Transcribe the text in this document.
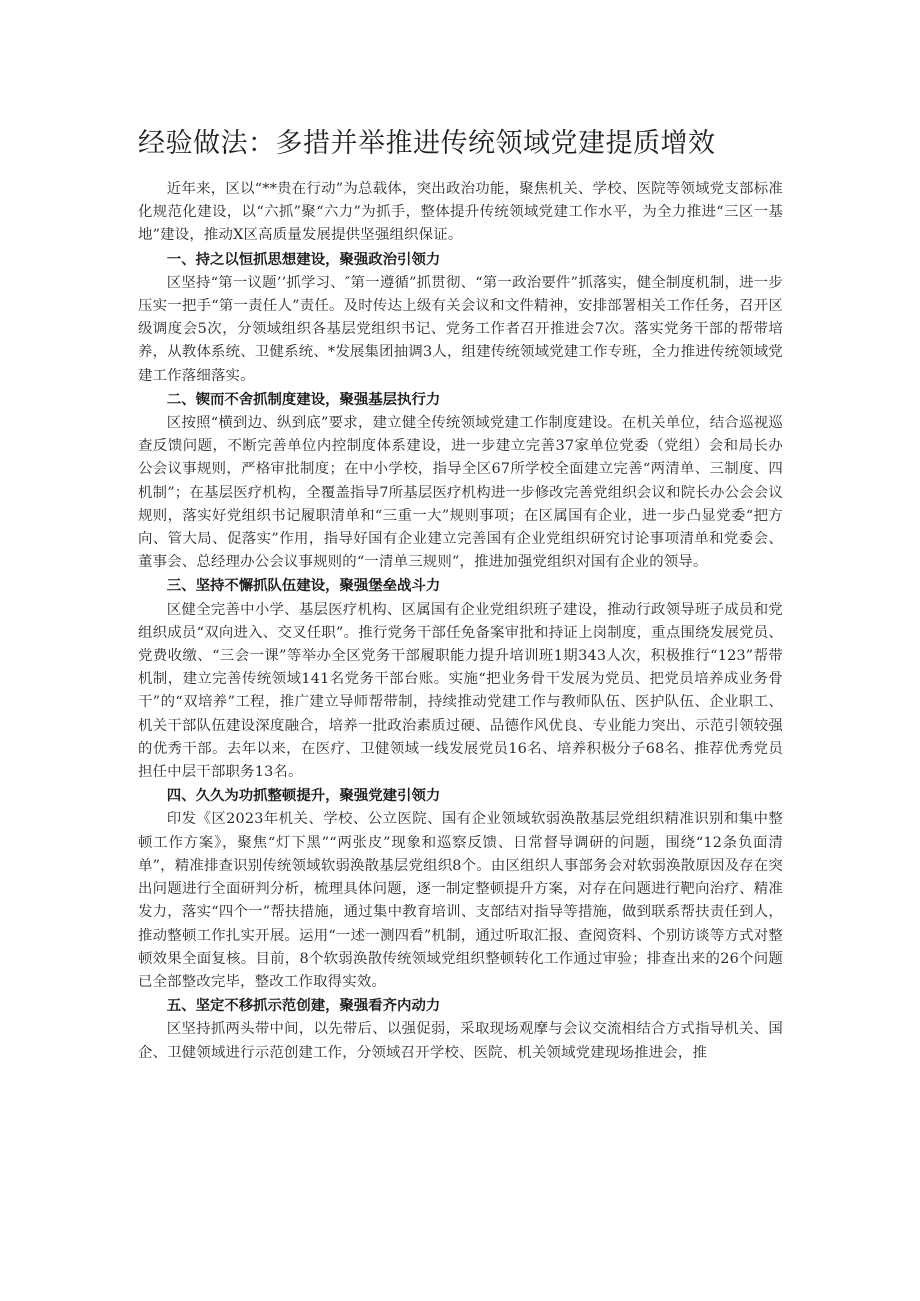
经验做法：多措并举推进传统领域党建提质增效

近年来，区以“**贵在行动”为总载体，突出政治功能，聚焦机关、学校、医院等领域党支部标准化规范化建设，以“六抓”聚“六力”为抓手，整体提升传统领域党建工作水平，为全力推进“三区一基地”建设，推动X区高质量发展提供坚强组织保证。

一、持之以恒抓思想建设，聚强政治引领力

区坚持“第一议题’’抓学习、″第一遵循”抓贯彻、“第一政治要件”抓落实，健全制度机制，进一步压实一把手“第一责任人”责任。及时传达上级有关会议和文件精神，安排部署相关工作任务，召开区级调度会5次，分领域组织各基层党组织书记、党务工作者召开推进会7次。落实党务干部的帮带培养，从教体系统、卫健系统、*发展集团抽调3人，组建传统领域党建工作专班，全力推进传统领域党建工作落细落实。

二、锲而不舍抓制度建设，聚强基层执行力

区按照“横到边、纵到底”要求，建立健全传统领域党建工作制度建设。在机关单位，结合巡视巡查反馈问题，不断完善单位内控制度体系建设，进一步建立完善37家单位党委（党组）会和局长办公会议事规则，严格审批制度；在中小学校，指导全区67所学校全面建立完善“两清单、三制度、四机制”；在基层医疗机构，全覆盖指导7所基层医疗机构进一步修改完善党组织会议和院长办公会会议规则，落实好党组织书记履职清单和“三重一大”规则事项；在区属国有企业，进一步凸显党委“把方向、管大局、促落实”作用，指导好国有企业建立完善国有企业党组织研究讨论事项清单和党委会、董事会、总经理办公会议事规则的“一清单三规则”，推进加强党组织对国有企业的领导。

三、坚持不懈抓队伍建设，聚强堡垒战斗力

区健全完善中小学、基层医疗机构、区属国有企业党组织班子建设，推动行政领导班子成员和党组织成员“双向进入、交叉任职”。推行党务干部任免备案审批和持证上岗制度，重点围绕发展党员、党费收缴、“三会一课”等举办全区党务干部履职能力提升培训班1期343人次，积极推行“123”帮带机制，建立完善传统领域141名党务干部台账。实施“把业务骨干发展为党员、把党员培养成业务骨干”的“双培养”工程，推广建立导师帮带制，持续推动党建工作与教师队伍、医护队伍、企业职工、机关干部队伍建设深度融合，培养一批政治素质过硬、品德作风优良、专业能力突出、示范引领较强的优秀干部。去年以来，在医疗、卫健领域一线发展党员16名、培养积极分子68名、推荐优秀党员担任中层干部职务13名。

四、久久为功抓整顿提升，聚强党建引领力

印发《区2023年机关、学校、公立医院、国有企业领域软弱涣散基层党组织精准识别和集中整顿工作方案》，聚焦“灯下黑”“两张皮”现象和巡察反馈、日常督导调研的问题，围绕“12条负面清单”，精准排查识别传统领域软弱涣散基层党组织8个。由区组织人事部务会对软弱涣散原因及存在突出问题进行全面研判分析，梳理具体问题，逐一制定整顿提升方案，对存在问题进行靶向治疗、精准发力，落实“四个一”帮扶措施，通过集中教育培训、支部结对指导等措施，做到联系帮扶责任到人，推动整顿工作扎实开展。运用“一述一测四看”机制，通过听取汇报、查阅资料、个别访谈等方式对整顿效果全面复核。目前，8个软弱涣散传统领域党组织整顿转化工作通过审验；排查出来的26个问题已全部整改完毕，整改工作取得实效。

五、坚定不移抓示范创建，聚强看齐内动力

区坚持抓两头带中间，以先带后、以强促弱，采取现场观摩与会议交流相结合方式指导机关、国企、卫健领域进行示范创建工作，分领域召开学校、医院、机关领域党建现场推进会，推
